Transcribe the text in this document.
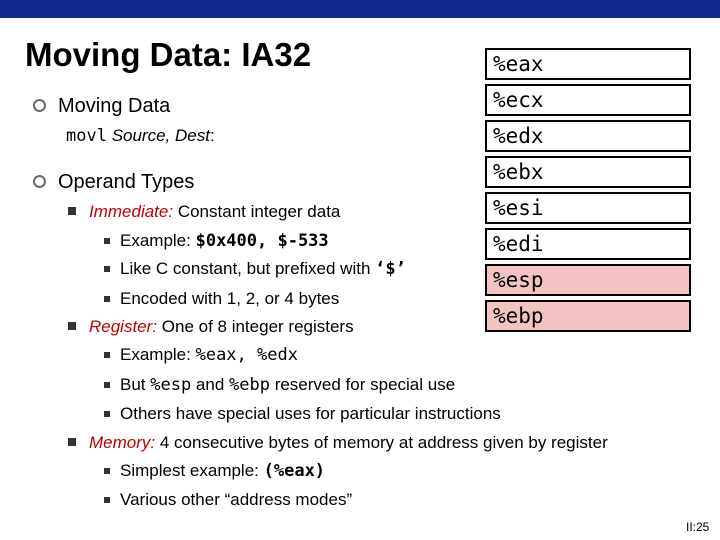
Moving Data: IA32
Moving Data
movl Source, Dest:
Operand Types
Immediate: Constant integer data
Example: $0x400, $-533
Like C constant, but prefixed with ‘$’
Encoded with 1, 2, or 4 bytes
Register: One of 8 integer registers
Example: %eax, %edx
But %esp and %ebp reserved for special use
Others have special uses for particular instructions
Memory: 4 consecutive bytes of memory at address given by register
Simplest example: (%eax)
Various other “address modes”
%eax
%ecx
%edx
%ebx
%esi
%edi
%esp
%ebp
II:25
